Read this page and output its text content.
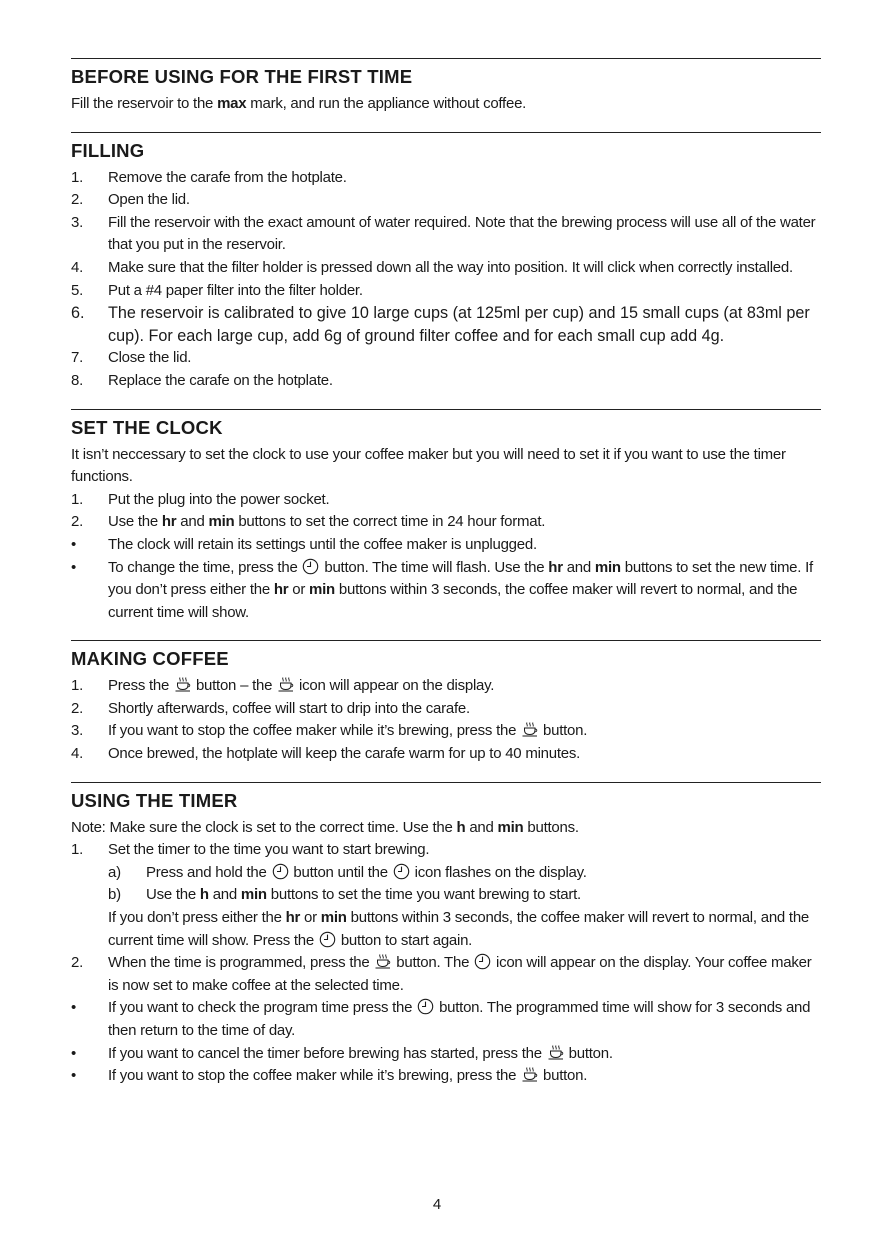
BEFORE USING FOR THE FIRST TIME

Fill the reservoir to the max mark, and run the appliance without coffee.

FILLING
1.	Remove the carafe from the hotplate.
2.	Open the lid.
3.	Fill the reservoir with the exact amount of water required. Note that the brewing process will use all of the water that you put in the reservoir.
4.	Make sure that the filter holder is pressed down all the way into position. It will click when correctly installed.
5.	Put a #4 paper filter into the filter holder.
6.	The reservoir is calibrated to give 10 large cups (at 125ml per cup) and 15 small cups (at 83ml per cup). For each large cup, add 6g of ground filter coffee and for each small cup add 4g.
7.	Close the lid.
8.	Replace the carafe on the hotplate.
SET THE CLOCK

It isn’t neccessary to set the clock to use your coffee maker but you will need to set it if you want to use the timer functions.

1.	Put the plug into the power socket.
2.	Use the hr and min buttons to set the correct time in 24 hour format.
•	The clock will retain its settings until the coffee maker is unplugged.
•	To change the time, press the  button. The time will flash. Use the hr and min buttons to set the new time. If you don’t press either the hr or min buttons within 3 seconds, the coffee maker will revert to normal, and the current time will show.
MAKING COFFEE
1.	Press the  button – the  icon will appear on the display.
2.	Shortly afterwards, coffee will start to drip into the carafe.
3.	If you want to stop the coffee maker while it’s brewing, press the  button.
4.	Once brewed, the hotplate will keep the carafe warm for up to 40 minutes.
USING THE TIMER

Note: Make sure the clock is set to the correct time. Use the h and min buttons.

1.	Set the timer to the time you want to start brewing.
a)	Press and hold the  button until the  icon flashes on the display.
b)	Use the h and min buttons to set the time you want brewing to start.
If you don’t press either the hr or min buttons within 3 seconds, the coffee maker will revert to normal, and the current time will show. Press the  button to start again.
2.	When the time is programmed, press the  button. The  icon will appear on the display. Your coffee maker is now set to make coffee at the selected time.
•	If you want to check the program time press the  button. The programmed time will show for 3 seconds and then return to the time of day.
•	If you want to cancel the timer before brewing has started, press the  button.
•	If you want to stop the coffee maker while it’s brewing, press the  button.
4
